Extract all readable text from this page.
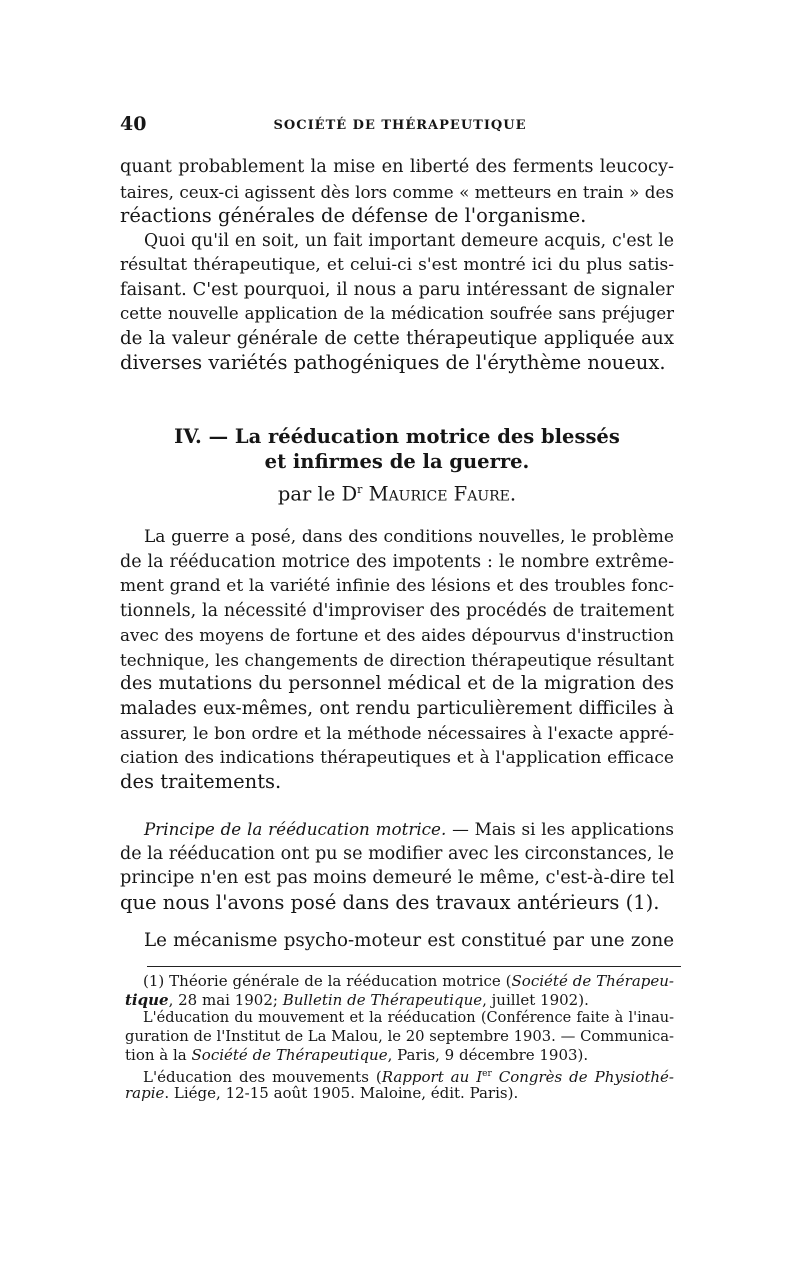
40	SOCIÉTÉ DE THÉRAPEUTIQUE
quant probablement la mise en liberté des ferments leucocy-
taires, ceux-ci agissent dès lors comme « metteurs en train » des
réactions générales de défense de l'organisme.
Quoi qu'il en soit, un fait important demeure acquis, c'est le
résultat thérapeutique, et celui-ci s'est montré ici du plus satis-
faisant. C'est pourquoi, il nous a paru intéressant de signaler
cette nouvelle application de la médication soufrée sans préjuger
de la valeur générale de cette thérapeutique appliquée aux
diverses variétés pathogéniques de l'érythème noueux.
IV. — La rééducation motrice des blessés
et infirmes de la guerre.
par le $D^r$ Maurice Faure.
La guerre a posé, dans des conditions nouvelles, le problème
de la rééducation motrice des impotents : le nombre extrême-
ment grand et la variété infinie des lésions et des troubles fonc-
tionnels, la nécessité d'improviser des procédés de traitement
avec des moyens de fortune et des aides dépourvus d'instruction
technique, les changements de direction thérapeutique résultant
des mutations du personnel médical et de la migration des
malades eux-mêmes, ont rendu particulièrement difficiles à
assurer, le bon ordre et la méthode nécessaires à l'exacte appré-
ciation des indications thérapeutiques et à l'application efficace
des traitements.
Principe de la rééducation motrice. — Mais si les applications
de la rééducation ont pu se modifier avec les circonstances, le
principe n'en est pas moins demeuré le même, c'est-à-dire tel
que nous l'avons posé dans des travaux antérieurs (1).
Le mécanisme psycho-moteur est constitué par une zone
(1) Théorie générale de la rééducation motrice (Société de Thérapeu-
tique, 28 mai 1902; Bulletin de Thérapeutique, juillet 1902).
L'éducation du mouvement et la rééducation (Conférence faite à l'inau-
guration de l'Institut de La Malou, le 20 septembre 1903. — Communica-
tion à la Société de Thérapeutique, Paris, 9 décembre 1903).
L'éducation des mouvements (Rapport au Ier Congrès de Physiothé-
rapie. Liége, 12-15 août 1905. Maloine, édit. Paris).
